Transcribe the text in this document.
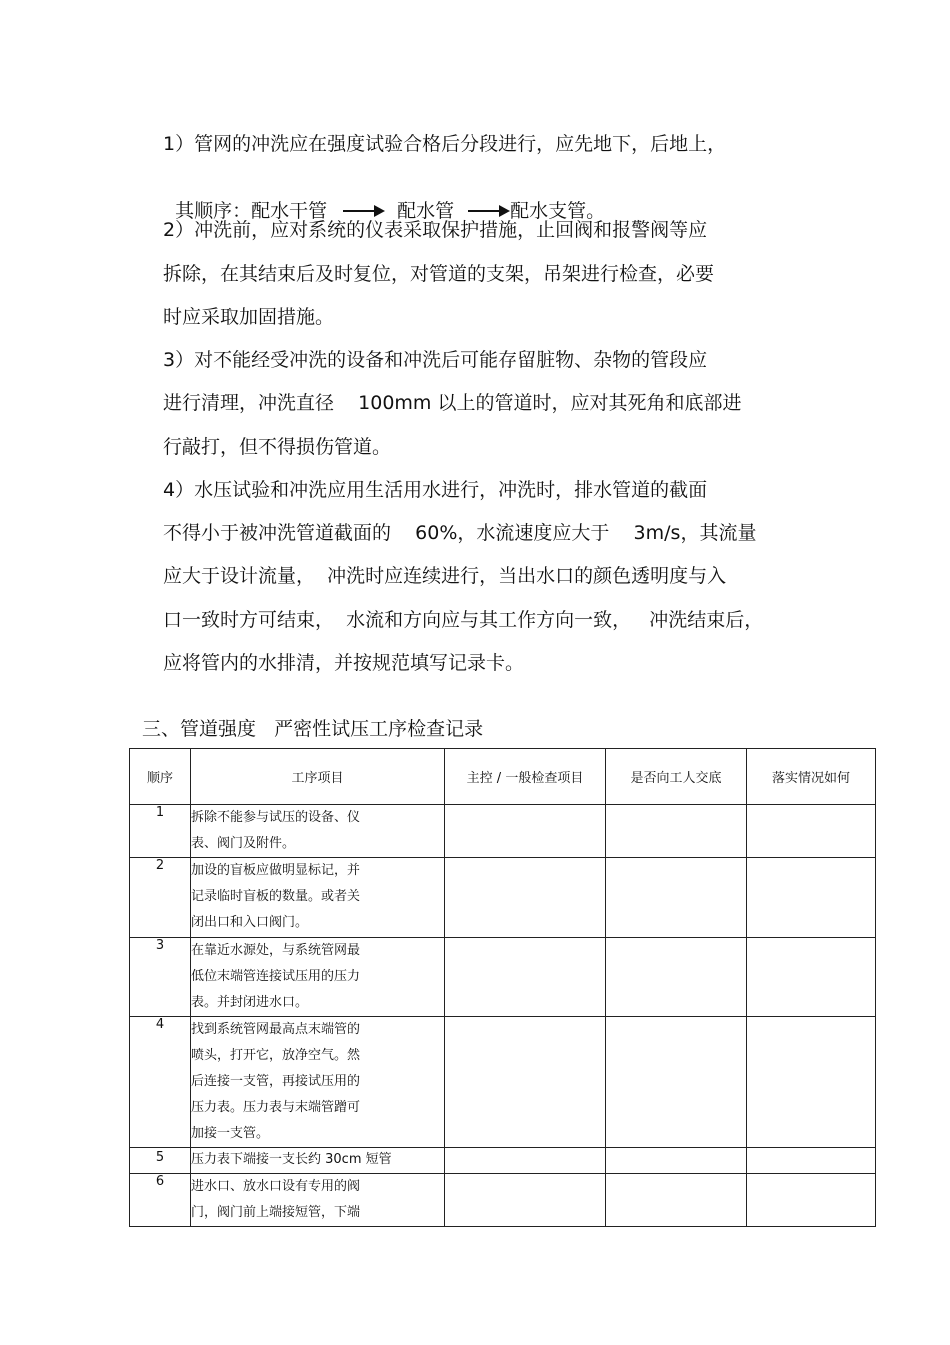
1）管网的冲洗应在强度试验合格后分段进行，应先地下，后地上，

其顺序：配水干管	配水管	配水支管。

2）冲洗前，应对系统的仪表采取保护措施，止回阀和报警阀等应
拆除，在其结束后及时复位，对管道的支架，吊架进行检查，必要
时应采取加固措施。
3）对不能经受冲洗的设备和冲洗后可能存留脏物、杂物的管段应
进行清理，冲洗直径    100mm 以上的管道时，应对其死角和底部进
行敲打，但不得损伤管道。
4）水压试验和冲洗应用生活用水进行，冲洗时，排水管道的截面
不得小于被冲洗管道截面的    60%，水流速度应大于    3m/s，其流量
应大于设计流量，  冲洗时应连续进行，当出水口的颜色透明度与入
口一致时方可结束，  水流和方向应与其工作方向一致，   冲洗结束后，
应将管内的水排清，并按规范填写记录卡。
三、管道强度   严密性试压工序检查记录
顺序	工序项目	主控 / 一般检查项目	是否向工人交底	落实情况如何
1	拆除不能参与试压的设备、仪
表、阀门及附件。			

2	加设的盲板应做明显标记，并
记录临时盲板的数量。或者关
闭出口和入口阀门。			

3	在靠近水源处，与系统管网最
低位末端管连接试压用的压力
表。并封闭进水口。			

4	找到系统管网最高点末端管的
喷头，打开它，放净空气。然
后连接一支管，再接试压用的
压力表。压力表与末端管蹭可
加接一支管。			

5	压力表下端接一支长约 30cm 短管			

6	进水口、放水口设有专用的阀
门，阀门前上端接短管，下端			
